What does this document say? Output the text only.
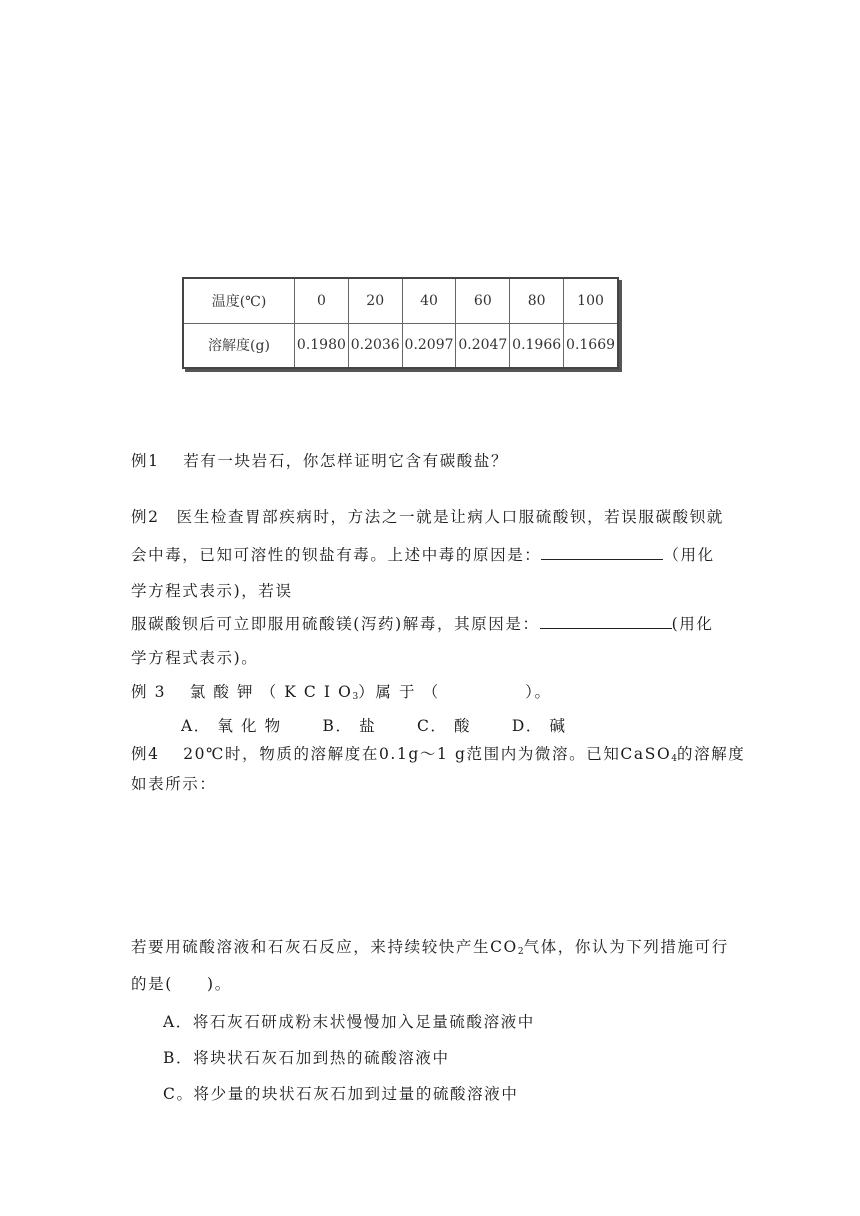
温度(℃)	0	20	40	60	80	100
溶解度(g)	0.1980	0.2036	0.2097	0.2047	0.1966	0.1669
例1　 若有一块岩石，你怎样证明它含有碳酸盐？
例2　医生检查胃部疾病时，方法之一就是让病人口服硫酸钡，若误服碳酸钡就
会中毒，已知可溶性的钡盐有毒。上述中毒的原因是：	（用化
学方程式表示)，若误
服碳酸钡后可立即服用硫酸镁(泻药)解毒，其原因是：	(用化
学方程式表示)。
例 3　 氯 酸 钾 （ K C I $O_3$）属 于 （　　　　　）。
A． 氧 化 物　　 B． 盐　　 C． 酸　　 D． 碱
例4　 20℃时，物质的溶解度在0.1g～1 g范围内为微溶。已知CaSO$_4$的溶解度
如表所示：
若要用硫酸溶液和石灰石反应，来持续较快产生$CO_2$气体，你认为下列措施可行
的是(　　)。
A．将石灰石研成粉末状慢慢加入足量硫酸溶液中
B．将块状石灰石加到热的硫酸溶液中
C。将少量的块状石灰石加到过量的硫酸溶液中
